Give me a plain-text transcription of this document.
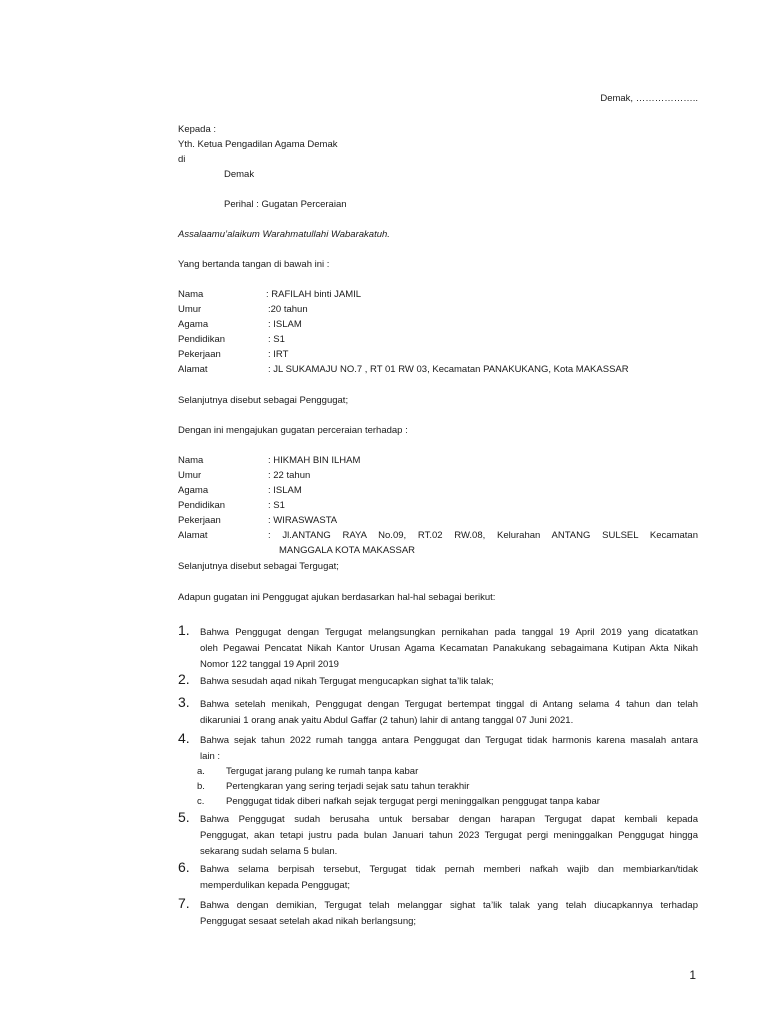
Demak, ………………..
Kepada :
Yth. Ketua Pengadilan Agama Demak
di
Demak
Perihal : Gugatan Perceraian
Assalaamu’alaikum Warahmatullahi Wabarakatuh.
Yang bertanda tangan di bawah ini :
Nama	: RAFILAH binti JAMIL
Umur	:20 tahun
Agama	: ISLAM
Pendidikan	: S1
Pekerjaan	: IRT
Alamat	: JL SUKAMAJU NO.7 , RT 01 RW 03, Kecamatan PANAKUKANG, Kota MAKASSAR
Selanjutnya disebut sebagai Penggugat;
Dengan ini mengajukan gugatan perceraian terhadap :
Nama	: HIKMAH BIN ILHAM
Umur	: 22 tahun
Agama	: ISLAM
Pendidikan	: S1
Pekerjaan	: WIRASWASTA
Alamat	: Jl.ANTANG RAYA No.09, RT.02 RW.08, Kelurahan ANTANG SULSEL Kecamatan
MANGGALA KOTA MAKASSAR
Selanjutnya disebut sebagai Tergugat;
Adapun gugatan ini Penggugat ajukan berdasarkan hal-hal sebagai berikut:
1. Bahwa Penggugat dengan Tergugat melangsungkan pernikahan pada tanggal 19 April 2019 yang dicatatkan
oleh Pegawai Pencatat Nikah Kantor Urusan Agama Kecamatan Panakukang sebagaimana Kutipan Akta Nikah
Nomor 122 tanggal 19 April 2019
2. Bahwa sesudah aqad nikah Tergugat mengucapkan sighat ta’lik talak;
3. Bahwa setelah menikah, Penggugat dengan Tergugat bertempat tinggal di Antang selama 4 tahun dan telah
dikaruniai 1 orang anak yaitu Abdul Gaffar (2 tahun) lahir di antang tanggal 07 Juni 2021.
4. Bahwa sejak tahun 2022 rumah tangga antara Penggugat dan Tergugat tidak harmonis karena masalah antara
lain :
a. Tergugat jarang pulang ke rumah tanpa kabar
b. Pertengkaran yang sering terjadi sejak satu tahun terakhir
c. Penggugat tidak diberi nafkah sejak tergugat pergi meninggalkan penggugat tanpa kabar
5. Bahwa Penggugat sudah berusaha untuk bersabar dengan harapan Tergugat dapat kembali kepada
Penggugat, akan tetapi justru pada bulan Januari tahun 2023 Tergugat pergi meninggalkan Penggugat hingga
sekarang sudah selama 5 bulan.
6. Bahwa selama berpisah tersebut, Tergugat tidak pernah memberi nafkah wajib dan membiarkan/tidak
memperdulikan kepada Penggugat;
7. Bahwa dengan demikian, Tergugat telah melanggar sighat ta’lik talak yang telah diucapkannya terhadap
Penggugat sesaat setelah akad nikah berlangsung;
1
